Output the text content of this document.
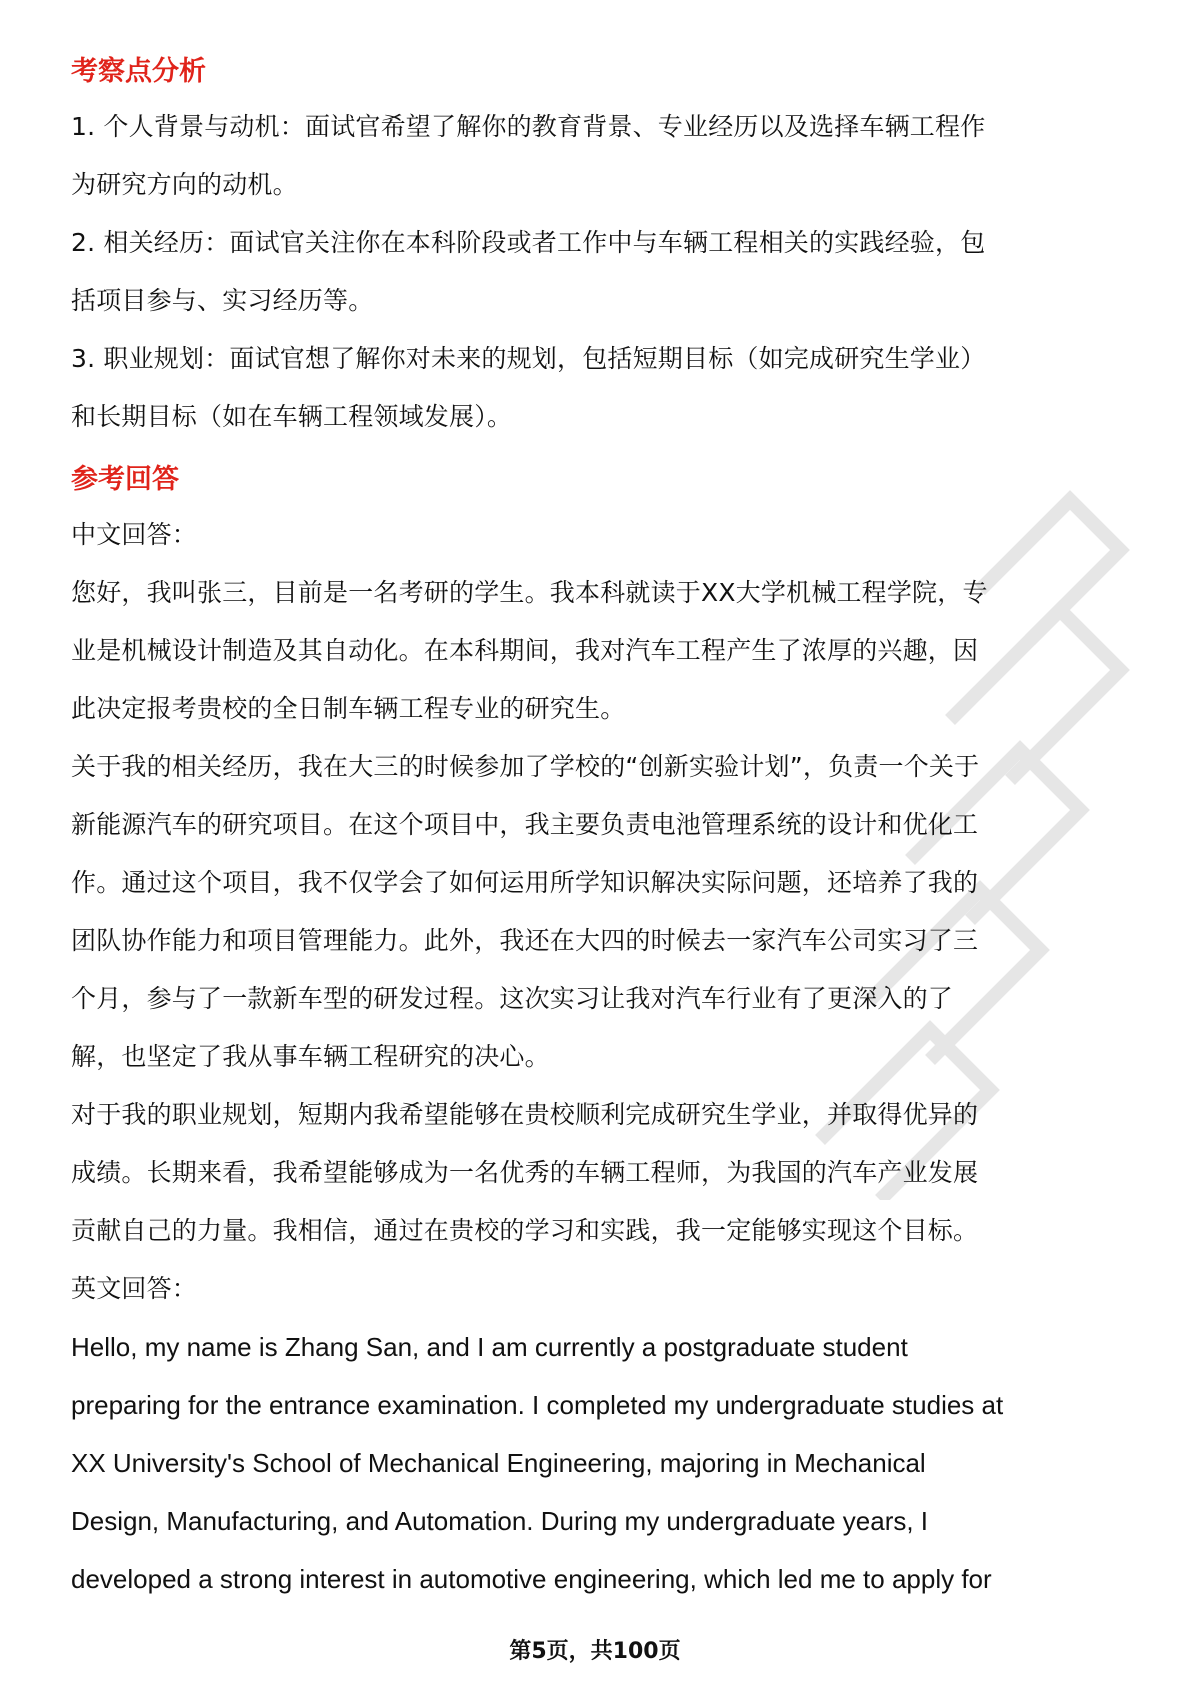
考察点分析

1. 个人背景与动机：面试官希望了解你的教育背景、专业经历以及选择车辆工程作

为研究方向的动机。

2. 相关经历：面试官关注你在本科阶段或者工作中与车辆工程相关的实践经验，包

括项目参与、实习经历等。

3. 职业规划：面试官想了解你对未来的规划，包括短期目标（如完成研究生学业）

和长期目标（如在车辆工程领域发展）。

参考回答

中文回答：

您好，我叫张三，目前是一名考研的学生。我本科就读于XX大学机械工程学院，专

业是机械设计制造及其自动化。在本科期间，我对汽车工程产生了浓厚的兴趣，因

此决定报考贵校的全日制车辆工程专业的研究生。

关于我的相关经历，我在大三的时候参加了学校的“创新实验计划”，负责一个关于

新能源汽车的研究项目。在这个项目中，我主要负责电池管理系统的设计和优化工

作。通过这个项目，我不仅学会了如何运用所学知识解决实际问题，还培养了我的

团队协作能力和项目管理能力。此外，我还在大四的时候去一家汽车公司实习了三

个月，参与了一款新车型的研发过程。这次实习让我对汽车行业有了更深入的了

解，也坚定了我从事车辆工程研究的决心。

对于我的职业规划，短期内我希望能够在贵校顺利完成研究生学业，并取得优异的

成绩。长期来看，我希望能够成为一名优秀的车辆工程师，为我国的汽车产业发展

贡献自己的力量。我相信，通过在贵校的学习和实践，我一定能够实现这个目标。

英文回答：

Hello, my name is Zhang San, and I am currently a postgraduate student

preparing for the entrance examination. I completed my undergraduate studies at

XX University's School of Mechanical Engineering, majoring in Mechanical

Design, Manufacturing, and Automation. During my undergraduate years, I

developed a strong interest in automotive engineering, which led me to apply for

第5页，共100页
